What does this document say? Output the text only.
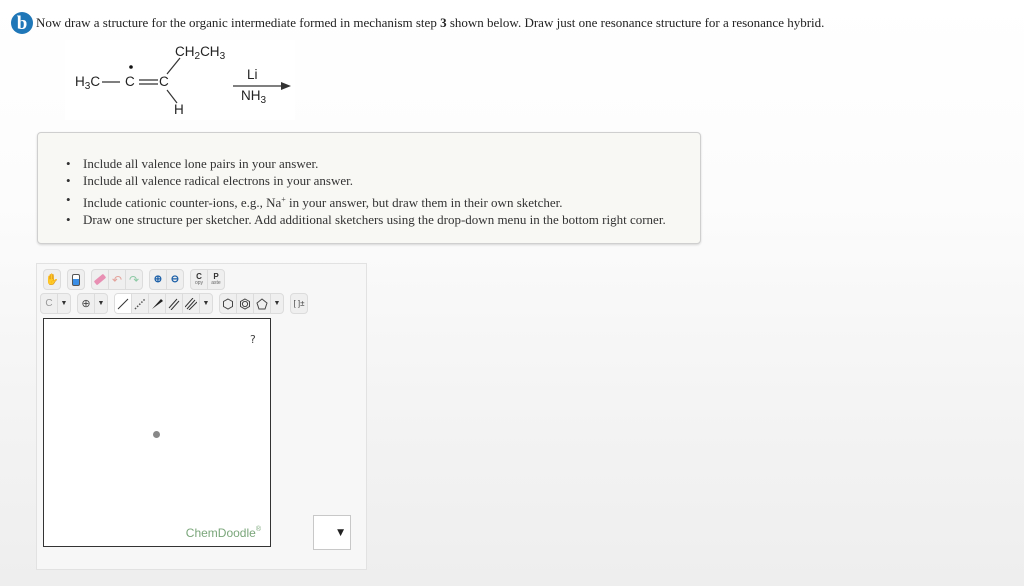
b Now draw a structure for the organic intermediate formed in mechanism step 3 shown below. Draw just one resonance structure for a resonance hybrid.
$H_3C$ C C
$CH_2CH_3$
H
Li
$NH_3$
• Include all valence lone pairs in your answer.
• Include all valence radical electrons in your answer.
• Include cationic counter-ions, e.g., Na+ in your answer, but draw them in their own sketcher.
• Draw one structure per sketcher. Add additional sketchers using the drop-down menu in the bottom right corner.
✋	↶ ↷ ⊕ ⊖ C
opy
P
aste
C	▼	⊕ ▼	▼	▼ [ ]±
?
ChemDoodle®	▼
